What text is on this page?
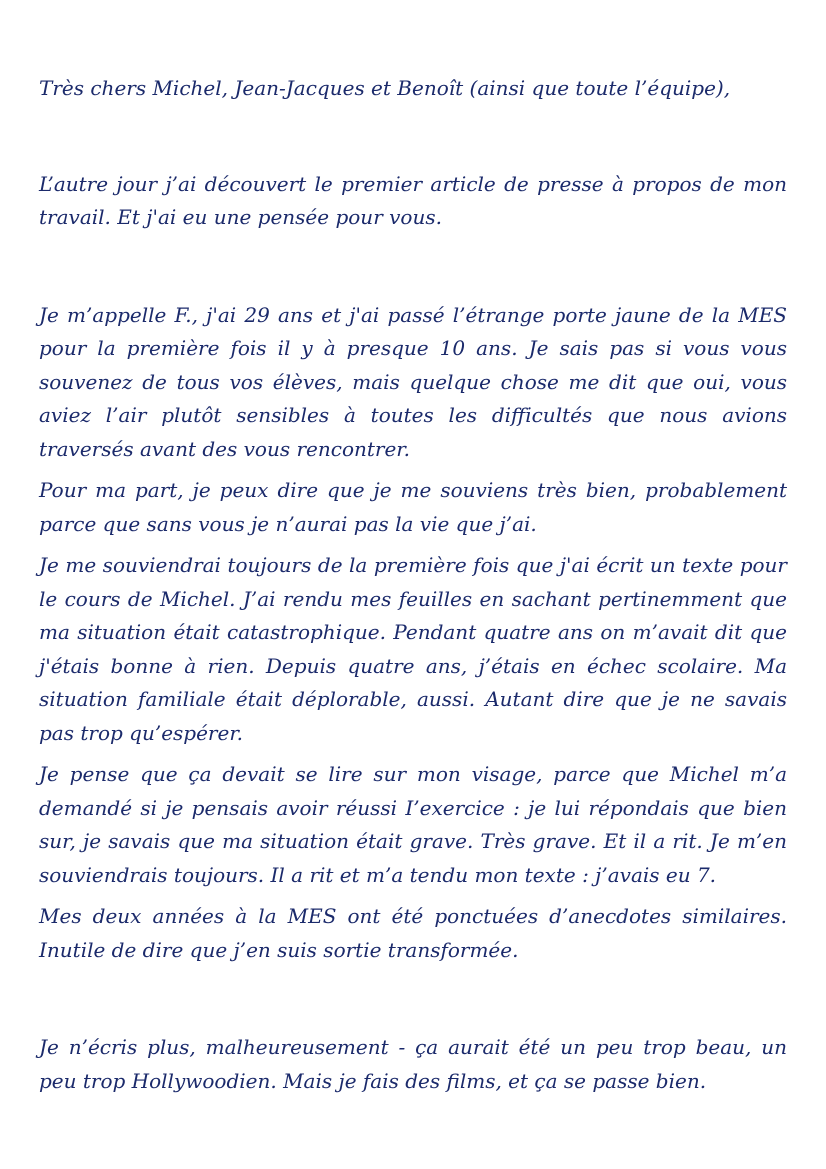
Très chers Michel, Jean-Jacques et Benoît (ainsi que toute l’équipe),

L’autre jour j’ai découvert le premier article de presse à propos de mon travail. Et j'ai eu une pensée pour vous.

Je m’appelle F., j'ai 29 ans et j'ai passé l’étrange porte jaune de la MES pour la première fois il y à presque 10 ans. Je sais pas si vous vous souvenez de tous vos élèves, mais quelque chose me dit que oui, vous aviez l’air plutôt sensibles à toutes les difficultés que nous avions traversés avant des vous rencontrer.

Pour ma part, je peux dire que je me souviens très bien, probablement parce que sans vous je n’aurai pas la vie que j’ai.

Je me souviendrai toujours de la première fois que j'ai écrit un texte pour le cours de Michel. J’ai rendu mes feuilles en sachant pertinemment que ma situation était catastrophique. Pendant quatre ans on m’avait dit que j'étais bonne à rien. Depuis quatre ans, j’étais en échec scolaire. Ma situation familiale était déplorable, aussi. Autant dire que je ne savais pas trop qu’espérer.

Je pense que ça devait se lire sur mon visage, parce que Michel m’a demandé si je pensais avoir réussi I’exercice : je lui répondais que bien sur, je savais que ma situation était grave. Très grave. Et il a rit. Je m’en souviendrais toujours. Il a rit et m’a tendu mon texte : j’avais eu 7.

Mes deux années à la MES ont été ponctuées d’anecdotes similaires. Inutile de dire que j’en suis sortie transformée.

Je n’écris plus, malheureusement - ça aurait été un peu trop beau, un peu trop Hollywoodien. Mais je fais des films, et ça se passe bien.
